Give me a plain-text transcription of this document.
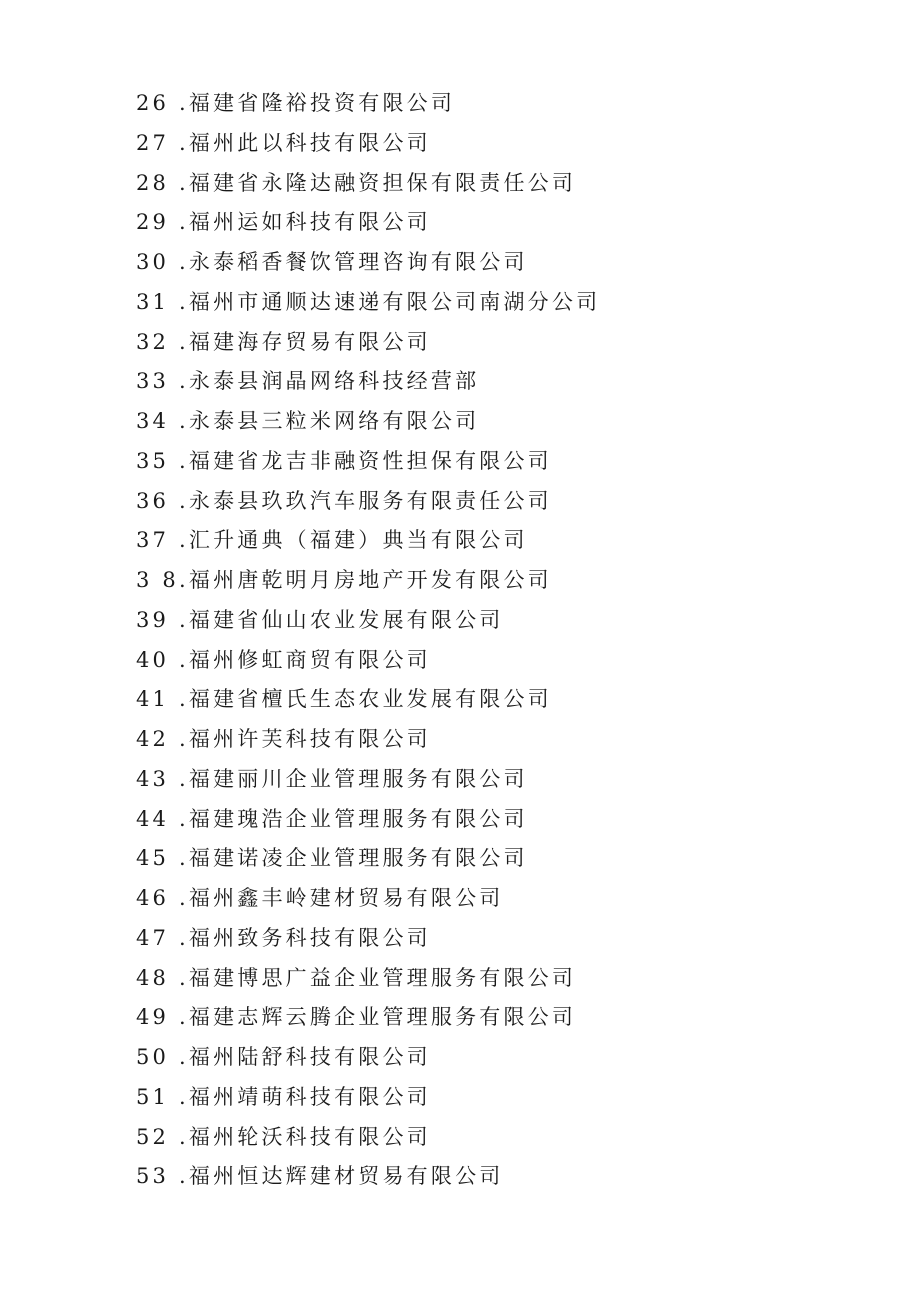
26 .福建省隆裕投资有限公司
27 .福州此以科技有限公司
28 .福建省永隆达融资担保有限责任公司
29 .福州运如科技有限公司
30 .永泰稻香餐饮管理咨询有限公司
31 .福州市通顺达速递有限公司南湖分公司
32 .福建海存贸易有限公司
33 .永泰县润晶网络科技经营部
34 .永泰县三粒米网络有限公司
35 .福建省龙吉非融资性担保有限公司
36 .永泰县玖玖汽车服务有限责任公司
37 .汇升通典（福建）典当有限公司
3 8.福州唐乾明月房地产开发有限公司
39 .福建省仙山农业发展有限公司
40 .福州修虹商贸有限公司
41 .福建省檀氏生态农业发展有限公司
42 .福州许芙科技有限公司
43 .福建丽川企业管理服务有限公司
44 .福建瑰浩企业管理服务有限公司
45 .福建诺凌企业管理服务有限公司
46 .福州鑫丰岭建材贸易有限公司
47 .福州致务科技有限公司
48 .福建博思广益企业管理服务有限公司
49 .福建志辉云腾企业管理服务有限公司
50 .福州陆舒科技有限公司
51 .福州靖萌科技有限公司
52 .福州轮沃科技有限公司
53 .福州恒达辉建材贸易有限公司
